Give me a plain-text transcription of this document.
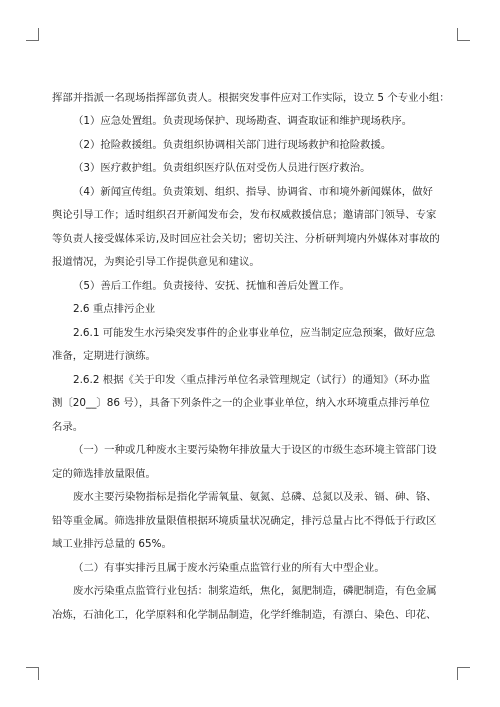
挥部并指派一名现场指挥部负责人。根据突发事件应对工作实际，设立 5 个专业小组：
（1）应急处置组。负责现场保护、现场勘查、调查取证和维护现场秩序。
（2）抢险救援组。负责组织协调相关部门进行现场救护和抢险救援。
（3）医疗救护组。负责组织医疗队伍对受伤人员进行医疗救治。
（4）新闻宣传组。负责策划、组织、指导、协调省、市和境外新闻媒体，做好
舆论引导工作；适时组织召开新闻发布会，发布权威救援信息；邀请部门领导、专家
等负责人接受媒体采访,及时回应社会关切；密切关注、分析研判境内外媒体对事故的
报道情况，为舆论引导工作提供意见和建议。
（5）善后工作组。负责接待、安抚、抚恤和善后处置工作。
2.6 重点排污企业
2.6.1 可能发生水污染突发事件的企业事业单位，应当制定应急预案，做好应急
准备，定期进行演练。
2.6.2 根据《关于印发〈重点排污单位名录管理规定（试行）的通知》（环办监
测〔20__〕86 号），具备下列条件之一的企业事业单位，纳入水环境重点排污单位
名录。
（一）一种或几种废水主要污染物年排放量大于设区的市级生态环境主管部门设
定的筛选排放量限值。
废水主要污染物指标是指化学需氧量、氨氮、总磷、总氮以及汞、镉、砷、铬、
铅等重金属。筛选排放量限值根据环境质量状况确定，排污总量占比不得低于行政区
域工业排污总量的 65%。
（二）有事实排污且属于废水污染重点监管行业的所有大中型企业。
废水污染重点监管行业包括：制浆造纸，焦化，氮肥制造，磷肥制造，有色金属
冶炼，石油化工，化学原料和化学制品制造，化学纤维制造，有漂白、染色、印花、
